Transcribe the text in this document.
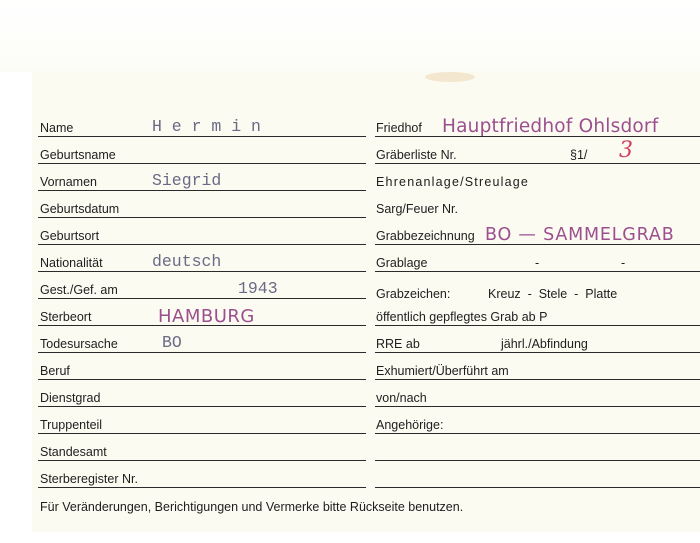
Name	H e r m i n
Geburtsname
Vornamen	Siegrid
Geburtsdatum
Geburtsort
Nationalität	deutsch
Gest./Gef. am	1943
Sterbeort	HAMBURG
Todesursache	BO
Beruf
Dienstgrad
Truppenteil
Standesamt
Sterberegister Nr.
Friedhof Hauptfriedhof Ohlsdorf
Gräberliste Nr.	§1/ 3
Ehrenanlage/Streulage
Sarg/Feuer Nr.
Grabbezeichnung BO — SAMMELGRAB
Grablage	-	-
Grabzeichen:	Kreuz  -  Stele  -  Platte
öffentlich gepflegtes Grab ab P
RRE ab	jährl./Abfindung
Exhumiert/Überführt am
von/nach
Angehörige:
Für Veränderungen, Berichtigungen und Vermerke bitte Rückseite benutzen.
